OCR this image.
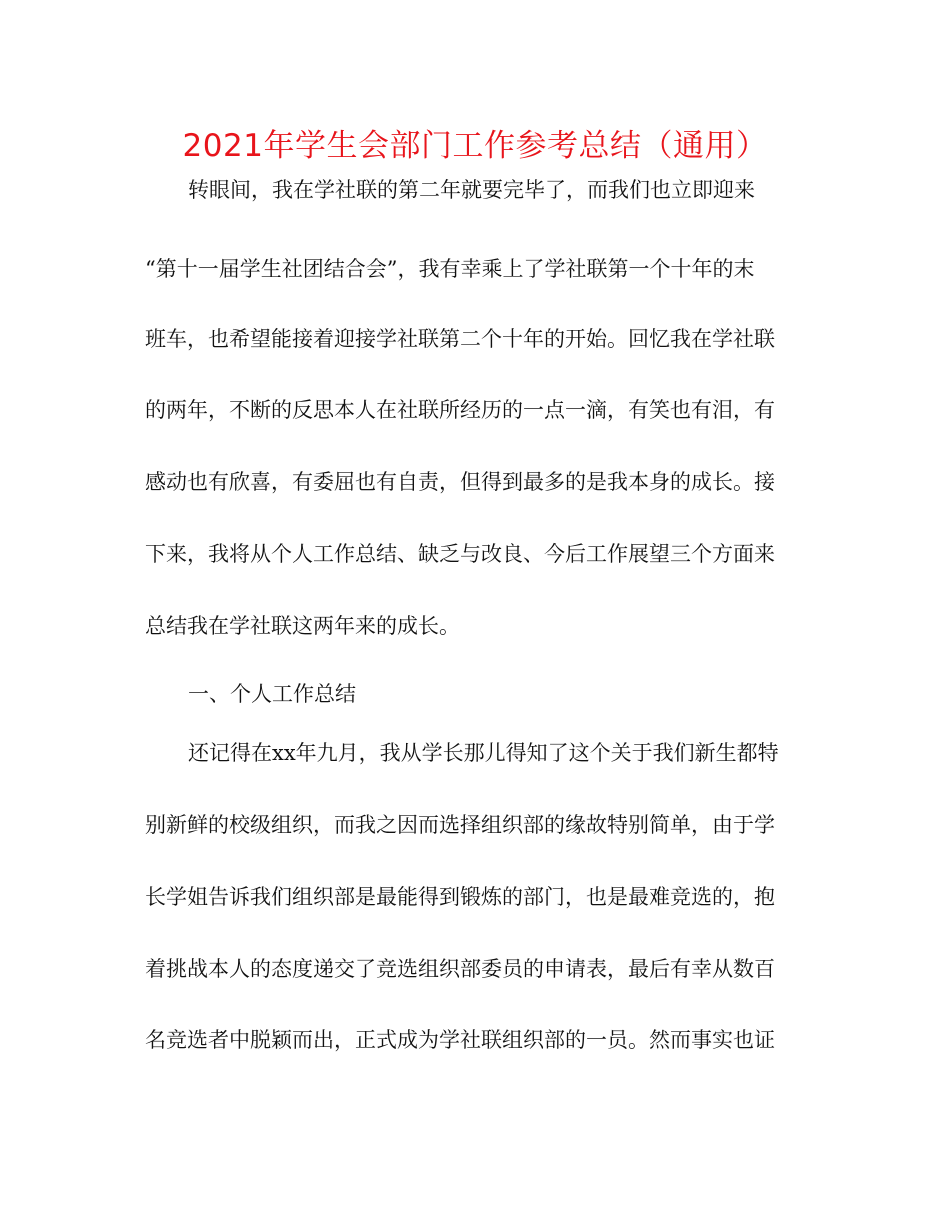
2021年学生会部门工作参考总结（通用）
转眼间，我在学社联的第二年就要完毕了，而我们也立即迎来
“第十一届学生社团结合会”，我有幸乘上了学社联第一个十年的末
班车，也希望能接着迎接学社联第二个十年的开始。回忆我在学社联
的两年，不断的反思本人在社联所经历的一点一滴，有笑也有泪，有
感动也有欣喜，有委屈也有自责，但得到最多的是我本身的成长。接
下来，我将从个人工作总结、缺乏与改良、今后工作展望三个方面来
总结我在学社联这两年来的成长。
一、个人工作总结
还记得在xx年九月，我从学长那儿得知了这个关于我们新生都特
别新鲜的校级组织，而我之因而选择组织部的缘故特别简单，由于学
长学姐告诉我们组织部是最能得到锻炼的部门，也是最难竞选的，抱
着挑战本人的态度递交了竞选组织部委员的申请表，最后有幸从数百
名竞选者中脱颖而出，正式成为学社联组织部的一员。然而事实也证
